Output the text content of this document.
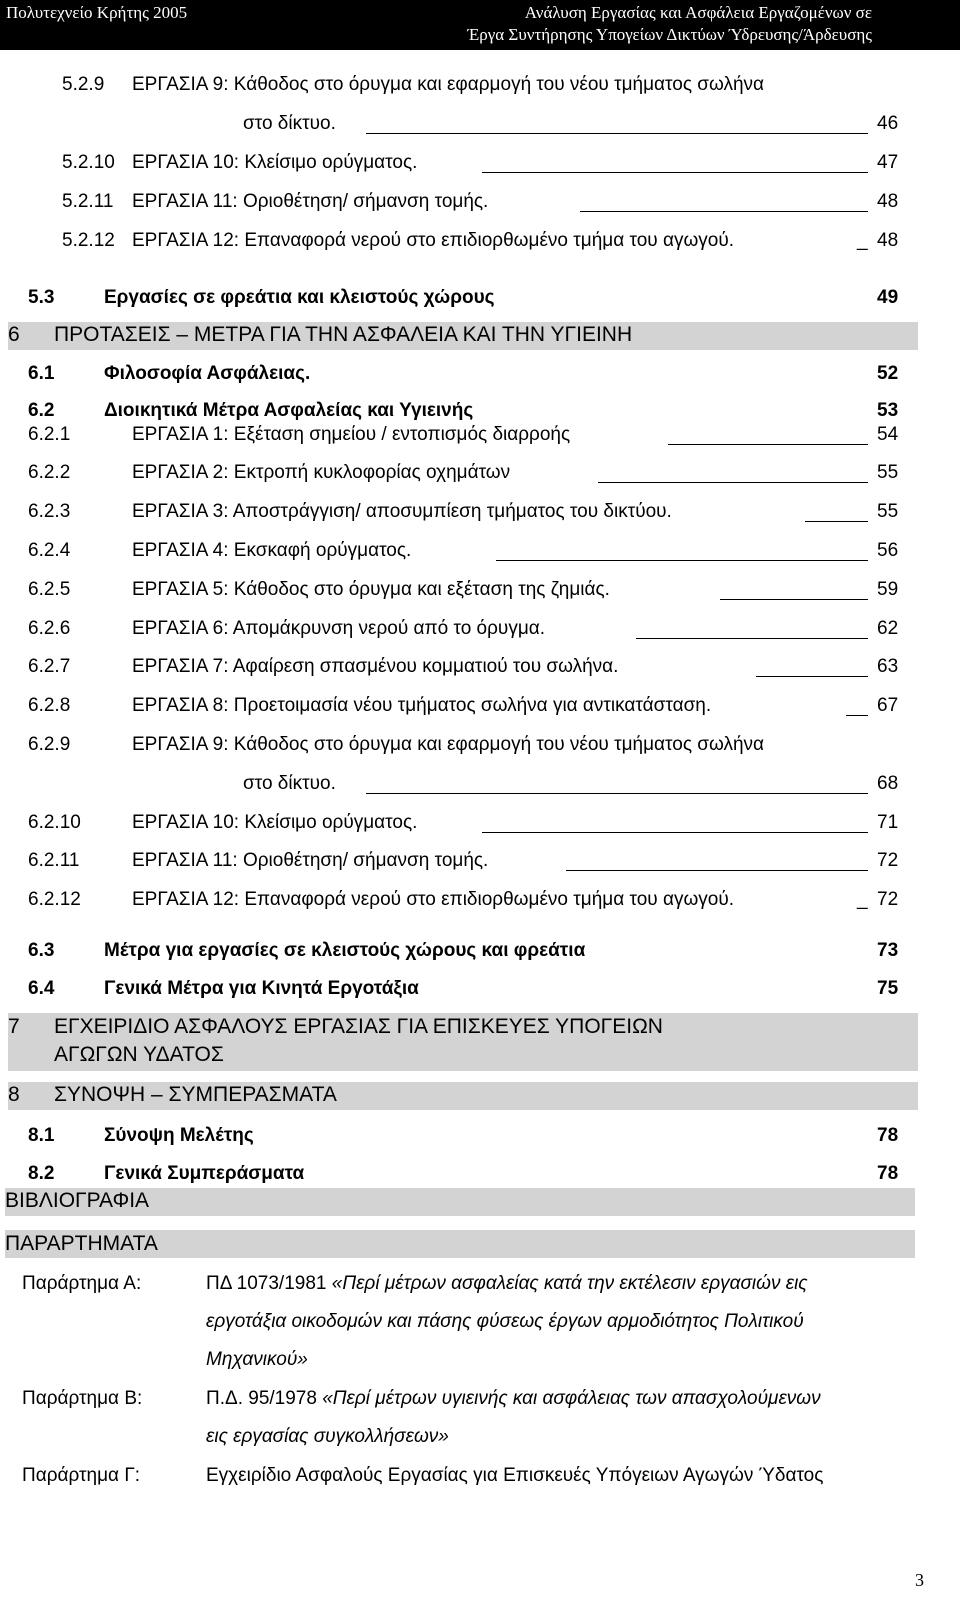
Πολυτεχνείο Κρήτης 2005	Ανάλυση Εργασίας και Ασφάλεια Εργαζομένων σε
Έργα Συντήρησης Υπογείων Δικτύων Ύδρευσης/Άρδευσης
5.2.9 ΕΡΓΑΣΙΑ 9: Κάθοδος στο όρυγμα και εφαρμογή του νέου τμήματος σωλήνα
στο δίκτυο.	46
5.2.10 ΕΡΓΑΣΙΑ 10: Κλείσιμο ορύγματος.	47
5.2.11 ΕΡΓΑΣΙΑ 11: Οριοθέτηση/ σήμανση τομής.	48
5.2.12 ΕΡΓΑΣΙΑ 12: Επαναφορά νερού στο επιδιορθωμένο τμήμα του αγωγού.	_ 48
5.3	Εργασίες σε φρεάτια και κλειστούς χώρους	49
6 ΠΡΟΤΑΣΕΙΣ – ΜΕΤΡΑ ΓΙΑ ΤΗΝ ΑΣΦΑΛΕΙΑ ΚΑΙ ΤΗΝ ΥΓΙΕΙΝΗ
6.1	Φιλοσοφία Ασφάλειας.	52
6.2	Διοικητικά Μέτρα Ασφαλείας και Υγιεινής	53
6.2.1	ΕΡΓΑΣΙΑ 1: Εξέταση σημείου / εντοπισμός διαρροής	54
6.2.2	ΕΡΓΑΣΙΑ 2: Εκτροπή κυκλοφορίας οχημάτων	55
6.2.3	ΕΡΓΑΣΙΑ 3: Αποστράγγιση/ αποσυμπίεση τμήματος του δικτύου.	55
6.2.4	ΕΡΓΑΣΙΑ 4: Εκσκαφή ορύγματος.	56
6.2.5	ΕΡΓΑΣΙΑ 5: Κάθοδος στο όρυγμα και εξέταση της ζημιάς.	59
6.2.6	ΕΡΓΑΣΙΑ 6: Απομάκρυνση νερού από το όρυγμα.	62
6.2.7	ΕΡΓΑΣΙΑ 7: Αφαίρεση σπασμένου κομματιού του σωλήνα.	63
6.2.8	ΕΡΓΑΣΙΑ 8: Προετοιμασία νέου τμήματος σωλήνα για αντικατάσταση.	67
6.2.9	ΕΡΓΑΣΙΑ 9: Κάθοδος στο όρυγμα και εφαρμογή του νέου τμήματος σωλήνα
στο δίκτυο.	68
6.2.10	ΕΡΓΑΣΙΑ 10: Κλείσιμο ορύγματος.	71
6.2.11	ΕΡΓΑΣΙΑ 11: Οριοθέτηση/ σήμανση τομής.	72
6.2.12	ΕΡΓΑΣΙΑ 12: Επαναφορά νερού στο επιδιορθωμένο τμήμα του αγωγού.	_ 72
6.3	Μέτρα για εργασίες σε κλειστούς χώρους και φρεάτια	73
6.4	Γενικά Μέτρα για Κινητά Εργοτάξια	75
7 ΕΓΧΕΙΡΙΔΙΟ ΑΣΦΑΛΟΥΣ ΕΡΓΑΣΙΑΣ ΓΙΑ ΕΠΙΣΚΕΥΕΣ ΥΠΟΓΕΙΩΝ
ΑΓΩΓΩΝ ΥΔΑΤΟΣ
8 ΣΥΝΟΨΗ – ΣΥΜΠΕΡΑΣΜΑΤΑ
8.1	Σύνοψη Μελέτης	78
8.2	Γενικά Συμπεράσματα	78
ΒΙΒΛΙΟΓΡΑΦΙΑ
ΠΑΡΑΡΤΗΜΑΤΑ
Παράρτημα Α:	ΠΔ 1073/1981 «Περί μέτρων ασφαλείας κατά την εκτέλεσιν εργασιών εις
εργοτάξια οικοδομών και πάσης φύσεως έργων αρμοδιότητος Πολιτικού
Μηχανικού»
Παράρτημα Β:	Π.Δ. 95/1978 «Περί μέτρων υγιεινής και ασφάλειας των απασχολούμενων
εις εργασίας συγκολλήσεων»
Παράρτημα Γ:	Εγχειρίδιο Ασφαλούς Εργασίας για Επισκευές Υπόγειων Αγωγών Ύδατος
3
